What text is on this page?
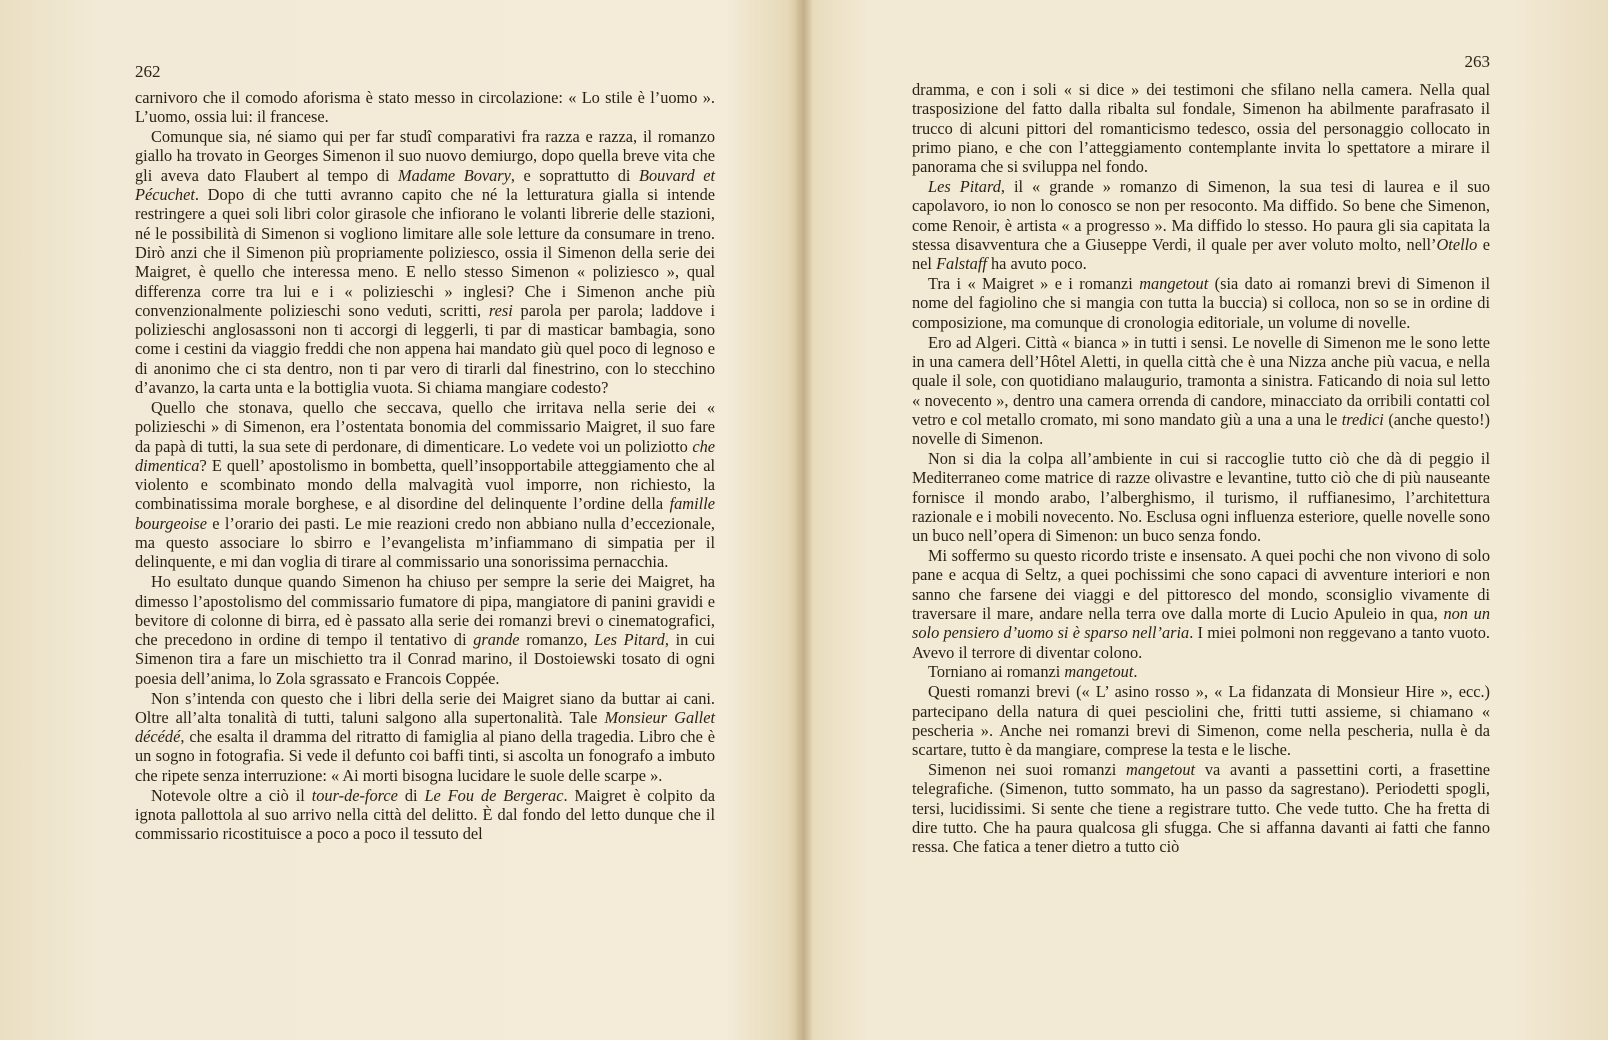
262

carnivoro che il comodo aforisma è stato messo in circolazione: « Lo stile è l’uomo ». L’uomo, ossia lui: il francese.

Comunque sia, né siamo qui per far studî comparativi fra razza e razza, il romanzo giallo ha trovato in Georges Simenon il suo nuovo demiurgo, dopo quella breve vita che gli aveva dato Flaubert al tempo di Madame Bovary, e soprattutto di Bouvard et Pécuchet. Dopo di che tutti avranno capito che né la letturatura gialla si intende restringere a quei soli libri color girasole che infiorano le volanti librerie delle stazioni, né le possibilità di Simenon si vogliono limitare alle sole letture da consumare in treno. Dirò anzi che il Simenon più propriamente poliziesco, ossia il Simenon della serie dei Maigret, è quello che interessa meno. E nello stesso Simenon « poliziesco », qual differenza corre tra lui e i « polizieschi » inglesi? Che i Simenon anche più convenzionalmente polizieschi sono veduti, scritti, resi parola per parola; laddove i polizieschi anglosassoni non ti accorgi di leggerli, ti par di masticar bambagia, sono come i cestini da viaggio freddi che non appena hai mandato giù quel poco di legnoso e di anonimo che ci sta dentro, non ti par vero di tirarli dal finestrino, con lo stecchino d’avanzo, la carta unta e la bottiglia vuota. Si chiama mangiare codesto?

Quello che stonava, quello che seccava, quello che irritava nella serie dei « polizieschi » di Simenon, era l’ostentata bonomia del commissario Maigret, il suo fare da papà di tutti, la sua sete di perdonare, di dimenticare. Lo vedete voi un poliziotto che dimentica? E quell’ apostolismo in bombetta, quell’insopportabile atteggiamento che al violento e scombinato mondo della malvagità vuol imporre, non richiesto, la combinatissima morale borghese, e al disordine del delinquente l’ordine della famille bourgeoise e l’orario dei pasti. Le mie reazioni credo non abbiano nulla d’eccezionale, ma questo associare lo sbirro e l’evangelista m’infiammano di simpatia per il delinquente, e mi dan voglia di tirare al commissario una sonorissima pernacchia.

Ho esultato dunque quando Simenon ha chiuso per sempre la serie dei Maigret, ha dimesso l’apostolismo del commissario fumatore di pipa, mangiatore di panini gravidi e bevitore di colonne di birra, ed è passato alla serie dei romanzi brevi o cinematografici, che precedono in ordine di tempo il tentativo di grande romanzo, Les Pitard, in cui Simenon tira a fare un mischietto tra il Conrad marino, il Dostoiewski tosato di ogni poesia dell’anima, lo Zola sgrassato e Francois Coppée.

Non s’intenda con questo che i libri della serie dei Maigret siano da buttar ai cani. Oltre all’alta tonalità di tutti, taluni salgono alla supertonalità. Tale Monsieur Gallet décédé, che esalta il dramma del ritratto di famiglia al piano della tragedia. Libro che è un sogno in fotografia. Si vede il defunto coi baffi tinti, si ascolta un fonografo a imbuto che ripete senza interruzione: « Ai morti bisogna lucidare le suole delle scarpe ».

Notevole oltre a ciò il tour-de-force di Le Fou de Bergerac. Maigret è colpito da ignota pallottola al suo arrivo nella città del delitto. È dal fondo del letto dunque che il commissario ricostituisce a poco a poco il tessuto del

263

dramma, e con i soli « si dice » dei testimoni che sfilano nella camera. Nella qual trasposizione del fatto dalla ribalta sul fondale, Simenon ha abilmente parafrasato il trucco di alcuni pittori del romanticismo tedesco, ossia del personaggio collocato in primo piano, e che con l’atteggiamento contemplante invita lo spettatore a mirare il panorama che si sviluppa nel fondo.

Les Pitard, il « grande » romanzo di Simenon, la sua tesi di laurea e il suo capolavoro, io non lo conosco se non per resoconto. Ma diffido. So bene che Simenon, come Renoir, è artista « a progresso ». Ma diffido lo stesso. Ho paura gli sia capitata la stessa disavventura che a Giuseppe Verdi, il quale per aver voluto molto, nell’Otello e nel Falstaff ha avuto poco.

Tra i « Maigret » e i romanzi mangetout (sia dato ai romanzi brevi di Simenon il nome del fagiolino che si mangia con tutta la buccia) si colloca, non so se in ordine di composizione, ma comunque di cronologia editoriale, un volume di novelle.

Ero ad Algeri. Città « bianca » in tutti i sensi. Le novelle di Simenon me le sono lette in una camera dell’Hôtel Aletti, in quella città che è una Nizza anche più vacua, e nella quale il sole, con quotidiano malaugurio, tramonta a sinistra. Faticando di noia sul letto « novecento », dentro una camera orrenda di candore, minacciato da orribili contatti col vetro e col metallo cromato, mi sono mandato giù a una a una le tredici (anche questo!) novelle di Simenon.

Non si dia la colpa all’ambiente in cui si raccoglie tutto ciò che dà di peggio il Mediterraneo come matrice di razze olivastre e levantine, tutto ciò che di più nauseante fornisce il mondo arabo, l’alberghismo, il turismo, il ruffianesimo, l’architettura razionale e i mobili novecento. No. Esclusa ogni influenza esteriore, quelle novelle sono un buco nell’opera di Simenon: un buco senza fondo.

Mi soffermo su questo ricordo triste e insensato. A quei pochi che non vivono di solo pane e acqua di Seltz, a quei pochissimi che sono capaci di avventure interiori e non sanno che farsene dei viaggi e del pittoresco del mondo, sconsiglio vivamente di traversare il mare, andare nella terra ove dalla morte di Lucio Apuleio in qua, non un solo pensiero d’uomo si è sparso nell’aria. I miei polmoni non reggevano a tanto vuoto. Avevo il terrore di diventar colono.

Torniano ai romanzi mangetout.

Questi romanzi brevi (« L’ asino rosso », « La fidanzata di Monsieur Hire », ecc.) partecipano della natura di quei pesciolini che, fritti tutti assieme, si chiamano « pescheria ». Anche nei romanzi brevi di Simenon, come nella pescheria, nulla è da scartare, tutto è da mangiare, comprese la testa e le lische.

Simenon nei suoi romanzi mangetout va avanti a passettini corti, a frasettine telegrafiche. (Simenon, tutto sommato, ha un passo da sagrestano). Periodetti spogli, tersi, lucidissimi. Si sente che tiene a registrare tutto. Che vede tutto. Che ha fretta di dire tutto. Che ha paura qualcosa gli sfugga. Che si affanna davanti ai fatti che fanno ressa. Che fatica a tener dietro a tutto ciò
